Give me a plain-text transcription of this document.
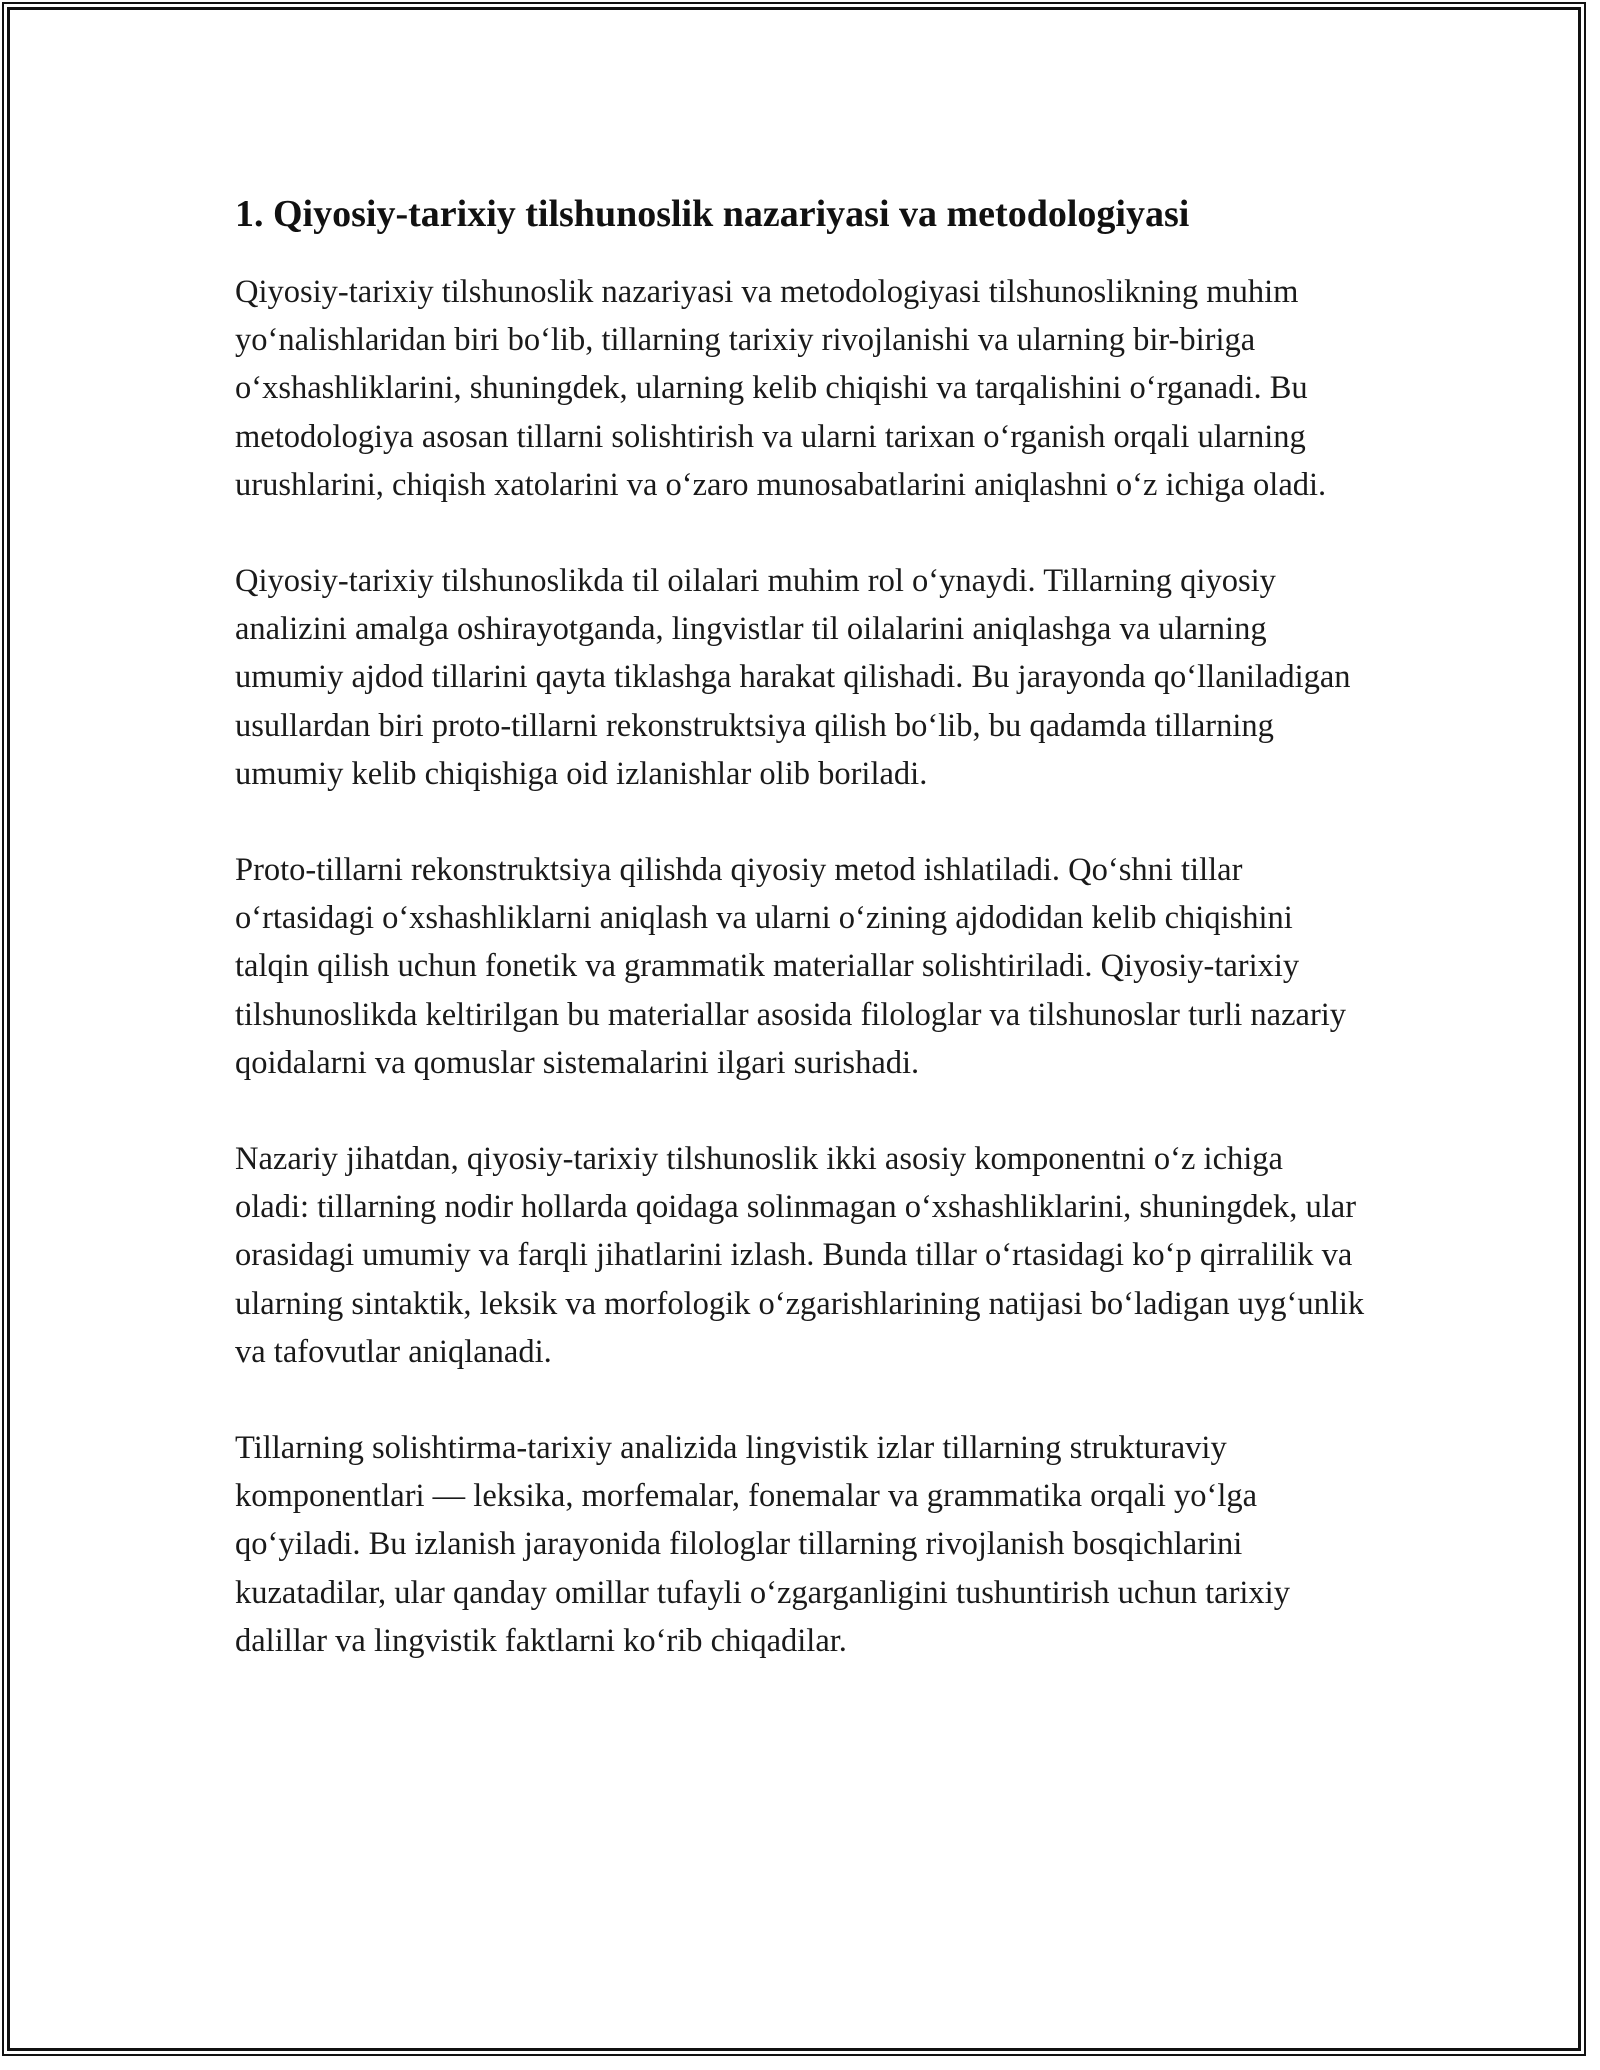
1. Qiyosiy-tarixiy tilshunoslik nazariyasi va metodologiyasi

Qiyosiy-tarixiy tilshunoslik nazariyasi va metodologiyasi tilshunoslikning muhim yo‘nalishlaridan biri bo‘lib, tillarning tarixiy rivojlanishi va ularning bir-biriga o‘xshashliklarini, shuningdek, ularning kelib chiqishi va tarqalishini o‘rganadi. Bu metodologiya asosan tillarni solishtirish va ularni tarixan o‘rganish orqali ularning urushlarini, chiqish xatolarini va o‘zaro munosabatlarini aniqlashni o‘z ichiga oladi.

Qiyosiy-tarixiy tilshunoslikda til oilalari muhim rol o‘ynaydi. Tillarning qiyosiy analizini amalga oshirayotganda, lingvistlar til oilalarini aniqlashga va ularning umumiy ajdod tillarini qayta tiklashga harakat qilishadi. Bu jarayonda qo‘llaniladigan usullardan biri proto-tillarni rekonstruktsiya qilish bo‘lib, bu qadamda tillarning umumiy kelib chiqishiga oid izlanishlar olib boriladi.

Proto-tillarni rekonstruktsiya qilishda qiyosiy metod ishlatiladi. Qo‘shni tillar o‘rtasidagi o‘xshashliklarni aniqlash va ularni o‘zining ajdodidan kelib chiqishini talqin qilish uchun fonetik va grammatik materiallar solishtiriladi. Qiyosiy-tarixiy tilshunoslikda keltirilgan bu materiallar asosida filologlar va tilshunoslar turli nazariy qoidalarni va qomuslar sistemalarini ilgari surishadi.

Nazariy jihatdan, qiyosiy-tarixiy tilshunoslik ikki asosiy komponentni o‘z ichiga oladi: tillarning nodir hollarda qoidaga solinmagan o‘xshashliklarini, shuningdek, ular orasidagi umumiy va farqli jihatlarini izlash. Bunda tillar o‘rtasidagi ko‘p qirralilik va ularning sintaktik, leksik va morfologik o‘zgarishlarining natijasi bo‘ladigan uyg‘unlik va tafovutlar aniqlanadi.

Tillarning solishtirma-tarixiy analizida lingvistik izlar tillarning strukturaviy komponentlari — leksika, morfemalar, fonemalar va grammatika orqali yo‘lga qo‘yiladi. Bu izlanish jarayonida filologlar tillarning rivojlanish bosqichlarini kuzatadilar, ular qanday omillar tufayli o‘zgarganligini tushuntirish uchun tarixiy dalillar va lingvistik faktlarni ko‘rib chiqadilar.
